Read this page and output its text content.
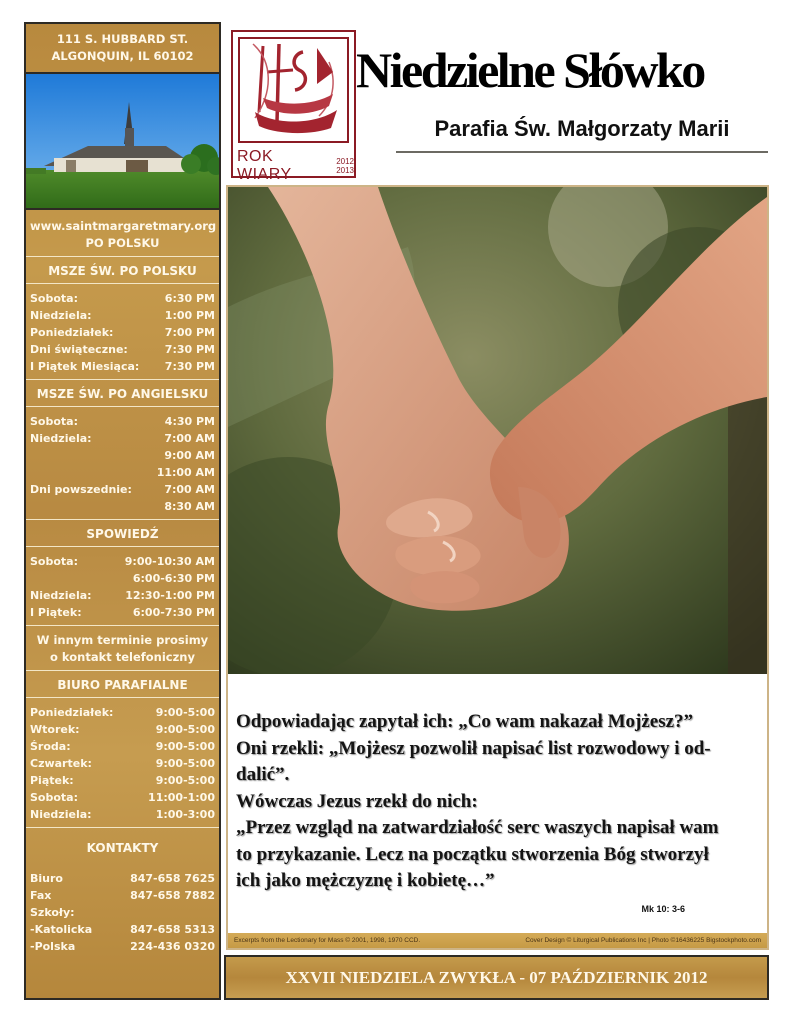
111 S. HUBBARD ST.
ALGONQUIN, IL 60102
www.saintmargaretmary.org
PO POLSKU
MSZE ŚW. PO POLSKU
Sobota:	6:30 PM
Niedziela:	1:00 PM
Poniedziałek:	7:00 PM
Dni świąteczne:	7:30 PM
I Piątek Miesiąca: 7:30 PM
MSZE ŚW. PO ANGIELSKU
Sobota:	4:30 PM
Niedziela:	7:00 AM
9:00 AM
11:00 AM
Dni powszednie:	7:00 AM
8:30 AM
SPOWIEDŹ
Sobota:	9:00-10:30 AM
6:00-6:30 PM
Niedziela:	12:30-1:00 PM
I Piątek:	6:00-7:30 PM
W innym terminie prosimy
o kontakt telefoniczny
BIURO PARAFIALNE
Poniedziałek:	9:00-5:00
Wtorek:	9:00-5:00
Środa:	9:00-5:00
Czwartek:	9:00-5:00
Piątek:	9:00-5:00
Sobota:	11:00-1:00
Niedziela:	1:00-3:00
KONTAKTY
Biuro	847-658 7625
Fax	847-658 7882
Szkoły:
-Katolicka	847-658 5313
-Polska	224-436 0320
ROK WIARY
2012
2013
Niedzielne Słówko
Parafia Św. Małgorzaty Marii
Odpowiadając zapytał ich: „Co wam nakazał Mojżesz?”
Oni rzekli: „Mojżesz pozwolił napisać list rozwodowy i od-
dalić”.
Wówczas Jezus rzekł do nich:
„Przez wzgląd na zatwardziałość serc waszych napisał wam
to przykazanie. Lecz na początku stworzenia Bóg stworzył
ich jako mężczyznę i kobietę…”
Mk 10: 3-6
Excerpts from the Lectionary for Mass © 2001, 1998, 1970 CCD.	Cover Design © Liturgical Publications Inc | Photo ©16436225 Bigstockphoto.com
XXVII NIEDZIELA ZWYKŁA - 07 PAŹDZIERNIK 2012
